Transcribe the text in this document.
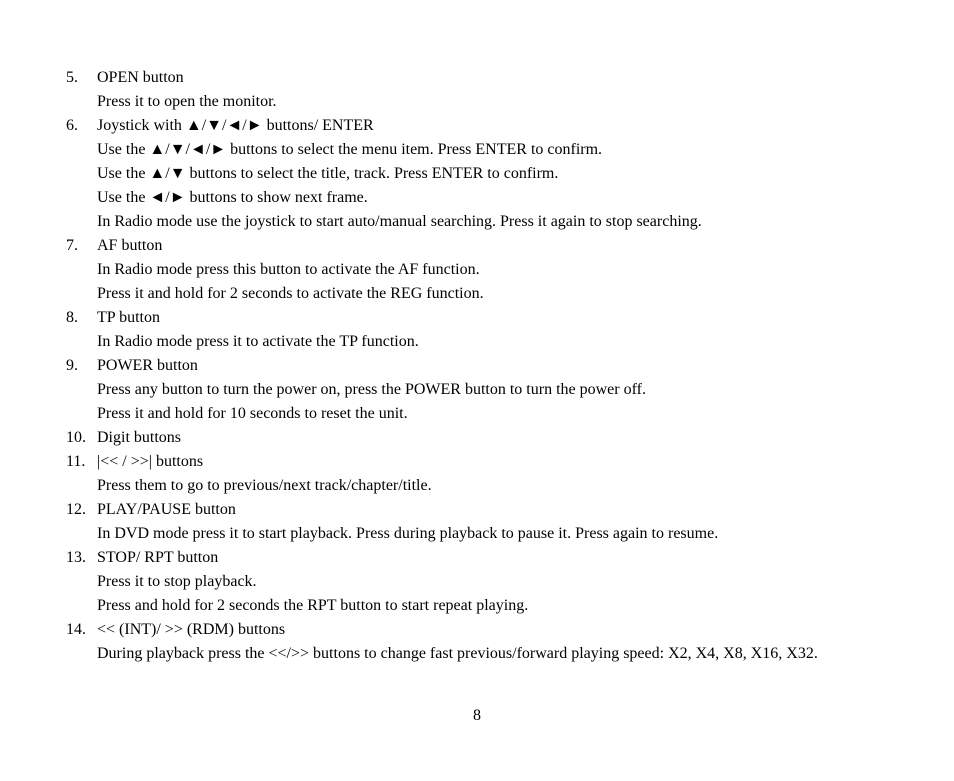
5. OPEN button
Press it to open the monitor.
6. Joystick with ▲/▼/◄/► buttons/ ENTER
Use the ▲/▼/◄/► buttons to select the menu item. Press ENTER to confirm.
Use the ▲/▼ buttons to select the title, track. Press ENTER to confirm.
Use the ◄/► buttons to show next frame.
In Radio mode use the joystick to start auto/manual searching. Press it again to stop searching.
7. AF button
In Radio mode press this button to activate the AF function.
Press it and hold for 2 seconds to activate the REG function.
8. TP button
In Radio mode press it to activate the TP function.
9. POWER button
Press any button to turn the power on, press the POWER button to turn the power off.
Press it and hold for 10 seconds to reset the unit.
10. Digit buttons
11. |<< / >>| buttons
Press them to go to previous/next track/chapter/title.
12. PLAY/PAUSE button
In DVD mode press it to start playback. Press during playback to pause it. Press again to resume.
13. STOP/ RPT button
Press it to stop playback.
Press and hold for 2 seconds the RPT button to start repeat playing.
14. << (INT)/ >> (RDM) buttons
During playback press the <</>> buttons to change fast previous/forward playing speed: X2, X4, X8, X16, X32.
8
